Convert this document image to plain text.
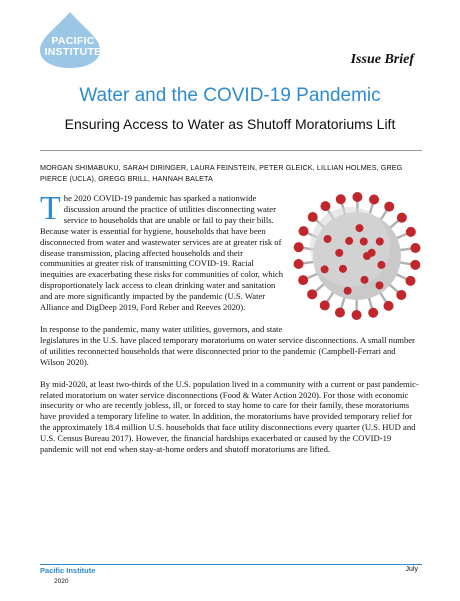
PACIFIC
INSTITUTE	Issue Brief
Water and the COVID-19 Pandemic
Ensuring Access to Water as Shutoff Moratoriums Lift
MORGAN SHIMABUKU, SARAH DIRINGER, LAURA FEINSTEIN, PETER GLEICK, LILLIAN HOLMES, GREG PIERCE (UCLA), GREGG BRILL, HANNAH BALETA

The 2020 COVID-19 pandemic has sparked a nationwide discussion around the practice of utilities disconnecting water service to households that are unable or fail to pay their bills. Because water is essential for hygiene, households that have been disconnected from water and wastewater services are at greater risk of disease transmission, placing affected households and their communities at greater risk of transmitting COVID-19. Racial inequities are exacerbating these risks for communities of color, which disproportionately lack access to clean drinking water and sanitation and are more significantly impacted by the pandemic (U.S. Water Alliance and DigDeep 2019, Ford Reber and Reeves 2020).

In response to the pandemic, many water utilities, governors, and state legislatures in the U.S. have placed temporary moratoriums on water service disconnections. A small number of utilities reconnected households that were disconnected prior to the pandemic (Campbell-Ferrari and Wilson 2020).

By mid-2020, at least two-thirds of the U.S. population lived in a community with a current or past pandemic-related moratorium on water service disconnections (Food & Water Action 2020). For those with economic insecurity or who are recently jobless, ill, or forced to stay home to care for their family, these moratoriums have provided a temporary lifeline to water. In addition, the moratoriums have provided temporary relief for the approximately 18.4 million U.S. households that face utility disconnections every quarter (U.S. HUD and U.S. Census Bureau 2017). However, the financial hardships exacerbated or caused by the COVID-19 pandemic will not end when stay-at-home orders and shutoff moratoriums are lifted.

Pacific Institute
2020
July
